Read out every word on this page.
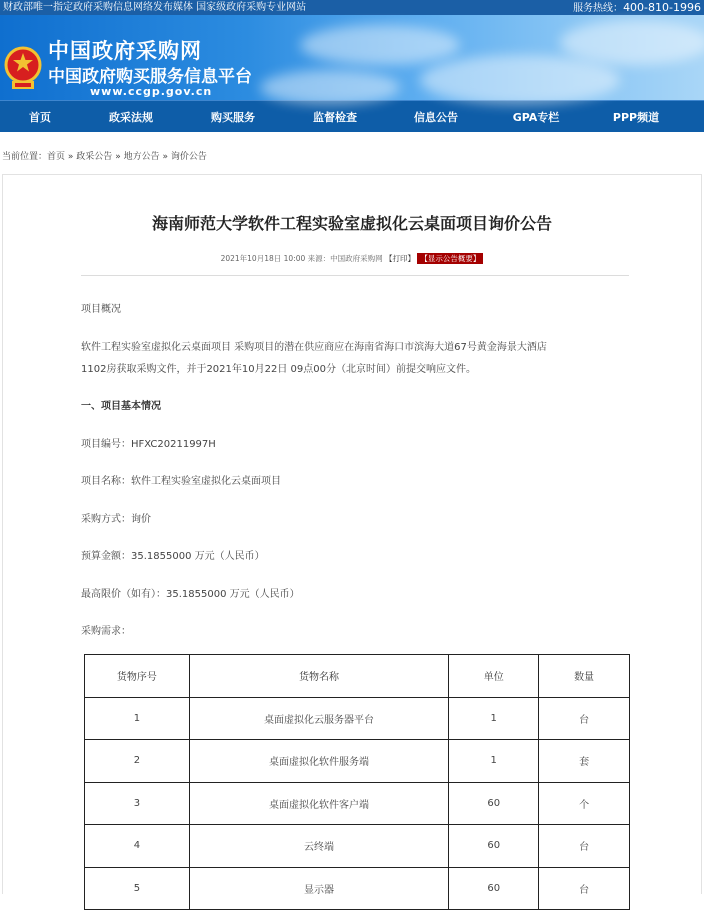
财政部唯一指定政府采购信息网络发布媒体 国家级政府采购专业网站	服务热线：400-810-1996
中国政府采购网
中国政府购买服务信息平台
www.ccgp.gov.cn
首页	政采法规	购买服务	监督检查	信息公告	GPA专栏	PPP频道
当前位置：首页 » 政采公告 » 地方公告 » 询价公告
海南师范大学软件工程实验室虚拟化云桌面项目询价公告
2021年10月18日 10:00 来源：中国政府采购网 【打印】 【显示公告概要】
项目概况
软件工程实验室虚拟化云桌面项目 采购项目的潜在供应商应在海南省海口市滨海大道67号黄金海景大酒店
1102房获取采购文件，并于2021年10月22日 09点00分（北京时间）前提交响应文件。
一、项目基本情况
项目编号：HFXC20211997H
项目名称：软件工程实验室虚拟化云桌面项目
采购方式：询价
预算金额：35.1855000 万元（人民币）
最高限价（如有）：35.1855000 万元（人民币）
采购需求：
货物序号	货物名称	单位	数量
1	桌面虚拟化云服务器平台	1	台
2	桌面虚拟化软件服务端	1	套
3	桌面虚拟化软件客户端	60	个
4	云终端	60	台
5	显示器	60	台
